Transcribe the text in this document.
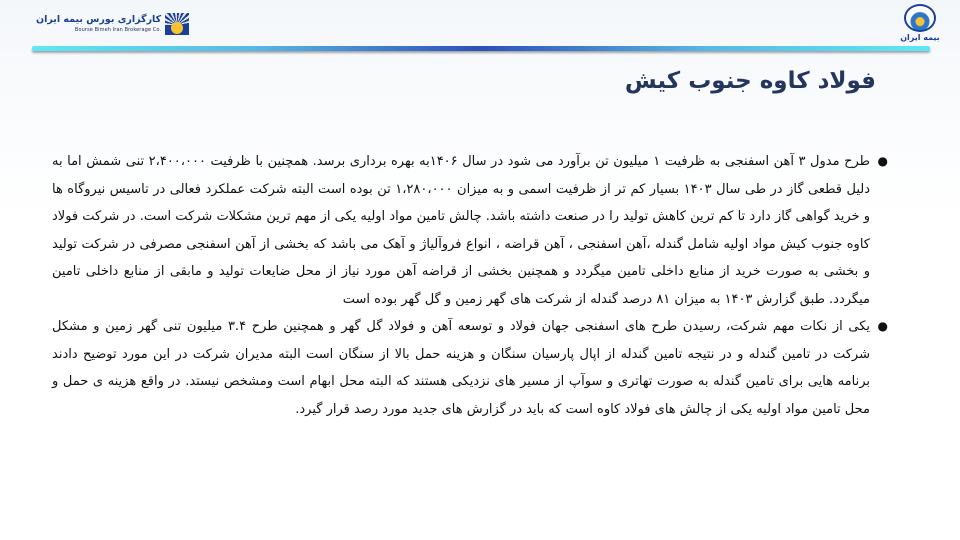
کارگزاری بورس بیمه ایران
Bourse Bimeh Iran Brokerage Co.
بیمه ایران
فولاد کاوه جنوب کیش
●
طرح مدول ۳ آهن اسفنجی به ظرفیت ۱ میلیون تن برآورد می شود در سال ۱۴۰۶به بهره برداری برسد. همچنین با ظرفیت ۲،۴۰۰،۰۰۰ تنی شمش اما به دلیل قطعی گاز در طی سال ۱۴۰۳ بسیار کم تر از ظرفیت اسمی و به میزان ۱،۲۸۰،۰۰۰ تن بوده است البته شرکت عملکرد فعالی در تاسیس نیروگاه ها و خرید گواهی گاز دارد تا کم ترین کاهش تولید را در صنعت داشته باشد. چالش تامین مواد اولیه یکی از مهم ترین مشکلات شرکت است. در شرکت فولاد کاوه جنوب کیش مواد اولیه شامل گندله ،آهن اسفنجی ، آهن قراضه ، انواع فروآلیاژ و آهک می باشد که بخشی از آهن اسفنجی مصرفی در شرکت تولید و بخشی به صورت خرید از منابع داخلی تامین میگردد و همچنین بخشی از قراضه آهن مورد نیاز از محل ضایعات تولید و مابقی از منابع داخلی تامین میگردد. طبق گزارش ۱۴۰۳ به میزان ۸۱ درصد گندله از شرکت های گهر زمین و گل گهر بوده است
●
یکی از نکات مهم شرکت، رسیدن طرح های اسفنجی جهان فولاد و توسعه آهن و فولاد گل گهر و همچنین طرح ۳.۴ میلیون تنی گهر زمین و مشکل شرکت در تامین گندله و در نتیجه تامین گندله از اپال پارسیان سنگان و هزینه حمل بالا از سنگان است البته مدیران شرکت در این مورد توضیح دادند برنامه هایی برای تامین گندله به صورت تهاتری و سوآپ از مسیر های نزدیکی هستند که البته محل ابهام است ومشخص نیستد. در واقع هزینه ی حمل و محل تامین مواد اولیه یکی از چالش های فولاد کاوه است که باید در گزارش های جدید مورد رصد قرار گیرد.
